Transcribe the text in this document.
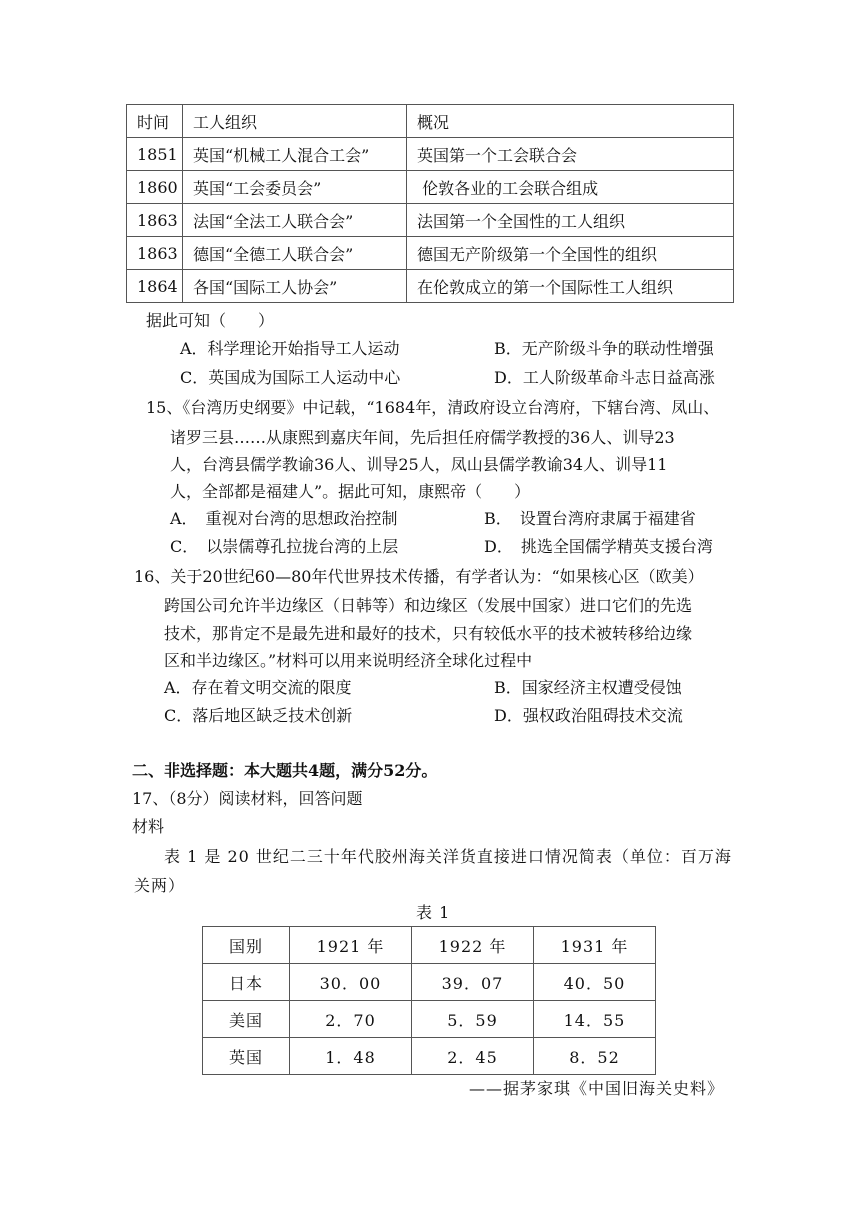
时间	工人组织	概况
1851	英国“机械工人混合工会”	英国第一个工会联合会
1860	英国“工会委员会”	伦敦各业的工会联合组成
1863	法国“全法工人联合会”	法国第一个全国性的工人组织
1863	德国“全德工人联合会”	德国无产阶级第一个全国性的组织
1864	各国“国际工人协会”	在伦敦成立的第一个国际性工人组织
据此可知（　　）
A．科学理论开始指导工人运动	B．无产阶级斗争的联动性增强
C．英国成为国际工人运动中心	D．工人阶级革命斗志日益高涨
15、《台湾历史纲要》中记载，“1684年，清政府设立台湾府，下辖台湾、凤山、
诸罗三县……从康熙到嘉庆年间，先后担任府儒学教授的36人、训导23
人，台湾县儒学教谕36人、训导25人，凤山县儒学教谕34人、训导11
人，全部都是福建人”。据此可知，康熙帝（　　）
A．　重视对台湾的思想政治控制	B．　设置台湾府隶属于福建省
C．　以崇儒尊孔拉拢台湾的上层	D．　挑选全国儒学精英支援台湾
16、关于20世纪60—80年代世界技术传播，有学者认为：“如果核心区（欧美）
跨国公司允许半边缘区（日韩等）和边缘区（发展中国家）进口它们的先选
技术，那肯定不是最先进和最好的技术，只有较低水平的技术被转移给边缘
区和半边缘区。”材料可以用来说明经济全球化过程中
A．存在着文明交流的限度	B．国家经济主权遭受侵蚀
C．落后地区缺乏技术创新	D．强权政治阻碍技术交流
二、非选择题：本大题共4题，满分52分。
17、（8分）阅读材料，回答问题
材料
表 1 是 20 世纪二三十年代胶州海关洋货直接进口情况简表（单位：百万海
关两）
表 1
国别	1921 年	1922 年	1931 年
日本	30．00	39．07	40．50
美国	2．70	5．59	14．55
英国	1．48	2．45	8．52
——据茅家琪《中国旧海关史料》
